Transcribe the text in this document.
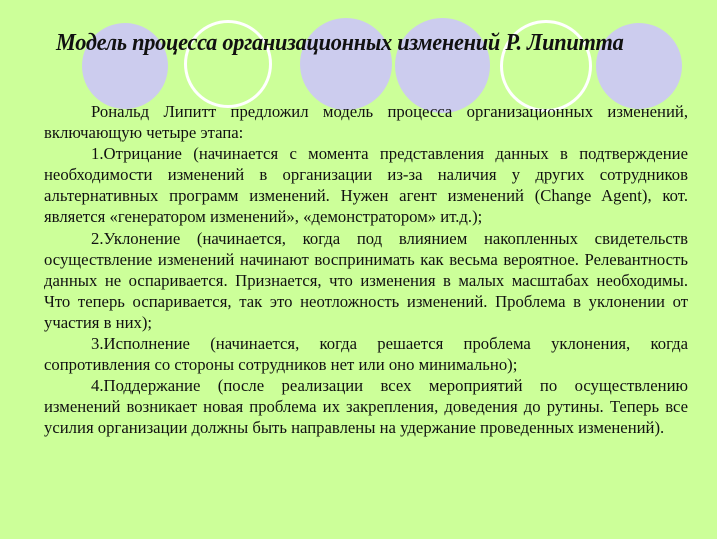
Модель процесса организационных изменений Р. Липитта

Рональд Липитт предложил модель процесса организационных изменений, включающую четыре этапа:

1.Отрицание (начинается с момента представления данных в подтверждение необходимости изменений в организации из-за наличия у других сотрудников альтернативных программ изменений. Нужен агент изменений (Change Agent), кот. является «генератором изменений», «демонстратором» ит.д.);

2.Уклонение (начинается, когда под влиянием накопленных свидетельств осуществление изменений начинают воспринимать как весьма вероятное. Релевантность данных не оспаривается. Признается, что изменения в малых масштабах необходимы. Что теперь оспаривается, так это неотложность изменений. Проблема в уклонении от участия в них);

3.Исполнение (начинается, когда решается проблема уклонения, когда сопротивления со стороны сотрудников нет или оно минимально);

4.Поддержание (после реализации всех мероприятий по осуществлению изменений возникает новая проблема их закрепления, доведения до рутины. Теперь все усилия организации должны быть направлены на удержание проведенных изменений).
